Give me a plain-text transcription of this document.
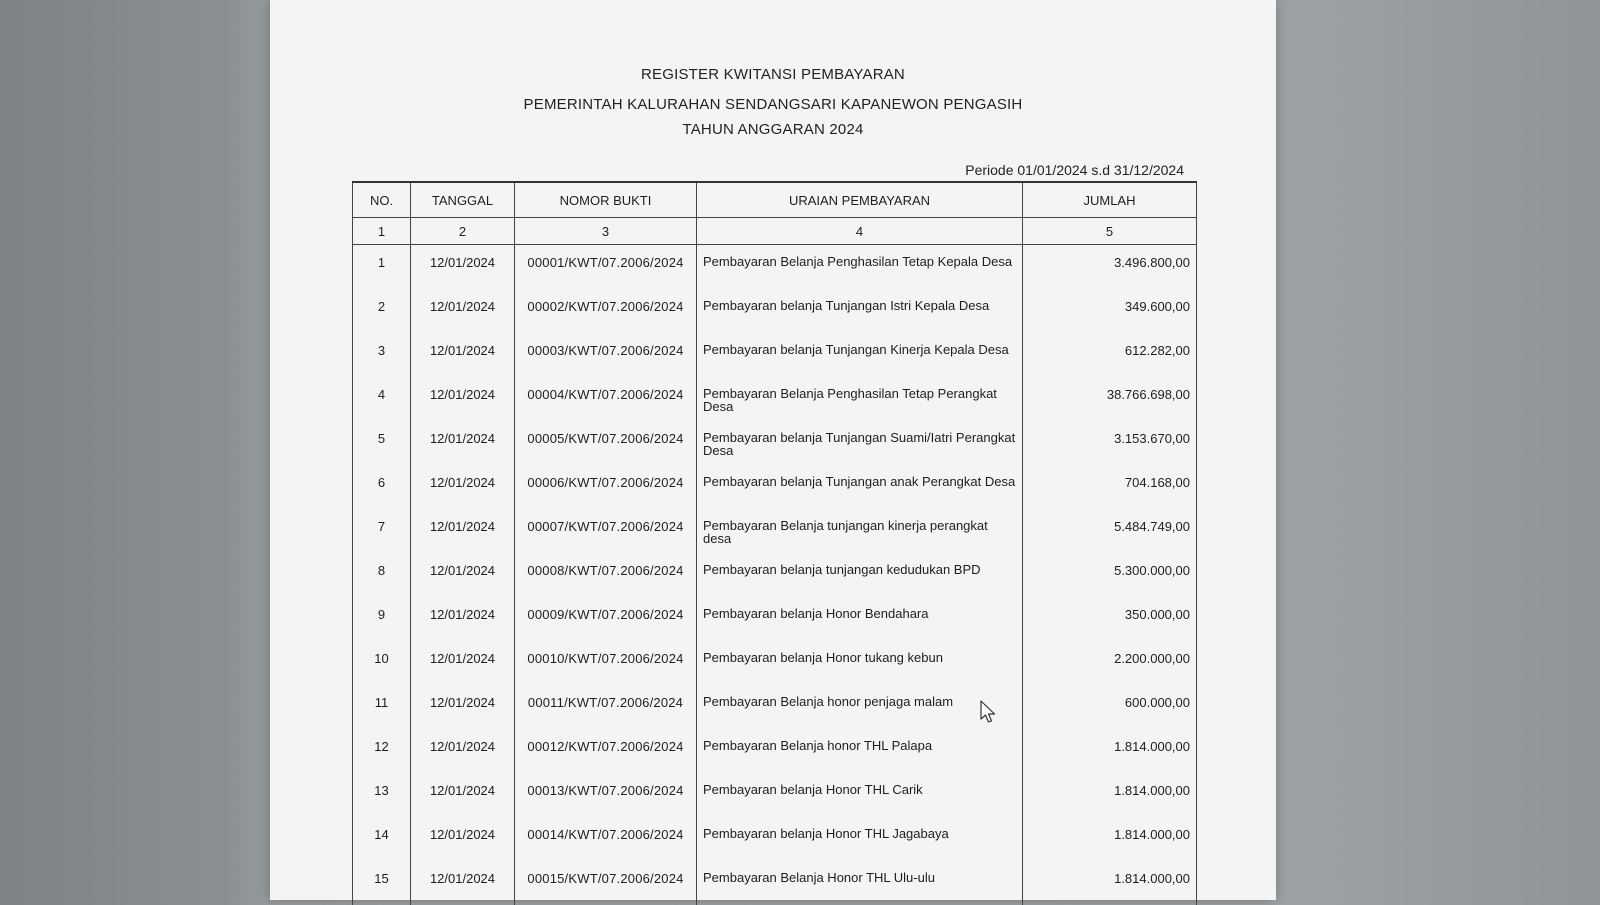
REGISTER KWITANSI PEMBAYARAN
PEMERINTAH KALURAHAN SENDANGSARI KAPANEWON PENGASIH
TAHUN ANGGARAN 2024
Periode 01/01/2024 s.d 31/12/2024
NO.	TANGGAL	NOMOR BUKTI	URAIAN PEMBAYARAN	JUMLAH
1	2	3	4	5
1	12/01/2024	00001/KWT/07.2006/2024	Pembayaran Belanja Penghasilan Tetap Kepala Desa	3.496.800,00
2	12/01/2024	00002/KWT/07.2006/2024	Pembayaran belanja Tunjangan Istri Kepala Desa	349.600,00
3	12/01/2024	00003/KWT/07.2006/2024	Pembayaran belanja Tunjangan Kinerja Kepala Desa	612.282,00
4	12/01/2024	00004/KWT/07.2006/2024	Pembayaran Belanja Penghasilan Tetap Perangkat Desa	38.766.698,00
5	12/01/2024	00005/KWT/07.2006/2024	Pembayaran belanja Tunjangan Suami/Iatri Perangkat Desa	3.153.670,00
6	12/01/2024	00006/KWT/07.2006/2024	Pembayaran belanja Tunjangan anak Perangkat Desa	704.168,00
7	12/01/2024	00007/KWT/07.2006/2024	Pembayaran Belanja tunjangan kinerja perangkat desa	5.484.749,00
8	12/01/2024	00008/KWT/07.2006/2024	Pembayaran belanja tunjangan kedudukan BPD	5.300.000,00
9	12/01/2024	00009/KWT/07.2006/2024	Pembayaran belanja Honor Bendahara	350.000,00
10	12/01/2024	00010/KWT/07.2006/2024	Pembayaran belanja Honor tukang kebun	2.200.000,00
11	12/01/2024	00011/KWT/07.2006/2024	Pembayaran Belanja honor penjaga malam	600.000,00
12	12/01/2024	00012/KWT/07.2006/2024	Pembayaran Belanja honor THL Palapa	1.814.000,00
13	12/01/2024	00013/KWT/07.2006/2024	Pembayaran belanja Honor THL Carik	1.814.000,00
14	12/01/2024	00014/KWT/07.2006/2024	Pembayaran belanja Honor THL Jagabaya	1.814.000,00
15	12/01/2024	00015/KWT/07.2006/2024	Pembayaran Belanja Honor THL Ulu-ulu	1.814.000,00
